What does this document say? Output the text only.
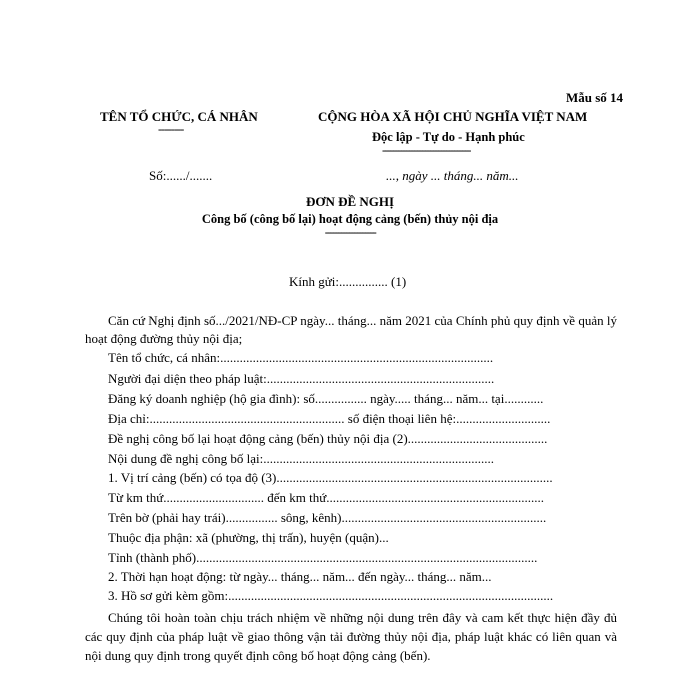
Mẫu số 14
TÊN TỔ CHỨC, CÁ NHÂN
--------
CỘNG HÒA XÃ HỘI CHỦ NGHĨA VIỆT NAM
Độc lập - Tự do - Hạnh phúc
---------------------------------
Số:....../.......	..., ngày ... tháng... năm...
ĐƠN ĐỀ NGHỊ
Công bố (công bố lại) hoạt động cảng (bến) thủy nội địa
-------------------
Kính gửi:............... (1)
Căn cứ Nghị định số.../2021/NĐ-CP ngày... tháng... năm 2021 của Chính phủ quy định về quản lý hoạt động đường thủy nội địa;
Tên tổ chức, cá nhân:....................................................................................
Người đại diện theo pháp luật:......................................................................
Đăng ký doanh nghiệp (hộ gia đình): số................ ngày..... tháng... năm... tại............
Địa chỉ:............................................................ số điện thoại liên hệ:.............................
Đề nghị công bố lại hoạt động cảng (bến) thủy nội địa (2)...........................................
Nội dung đề nghị công bố lại:.......................................................................
1. Vị trí cảng (bến) có tọa độ (3).....................................................................................
Từ km thứ............................... đến km thứ...................................................................
Trên bờ (phải hay trái)................ sông, kênh)...............................................................
Thuộc địa phận: xã (phường, thị trấn), huyện (quận)...
Tỉnh (thành phố).........................................................................................................
2. Thời hạn hoạt động: từ ngày... tháng... năm... đến ngày... tháng... năm...
3. Hồ sơ gửi kèm gồm:....................................................................................................
Chúng tôi hoàn toàn chịu trách nhiệm về những nội dung trên đây và cam kết thực hiện đầy đủ các quy định của pháp luật về giao thông vận tải đường thủy nội địa, pháp luật khác có liên quan và nội dung quy định trong quyết định công bố hoạt động cảng (bến).
